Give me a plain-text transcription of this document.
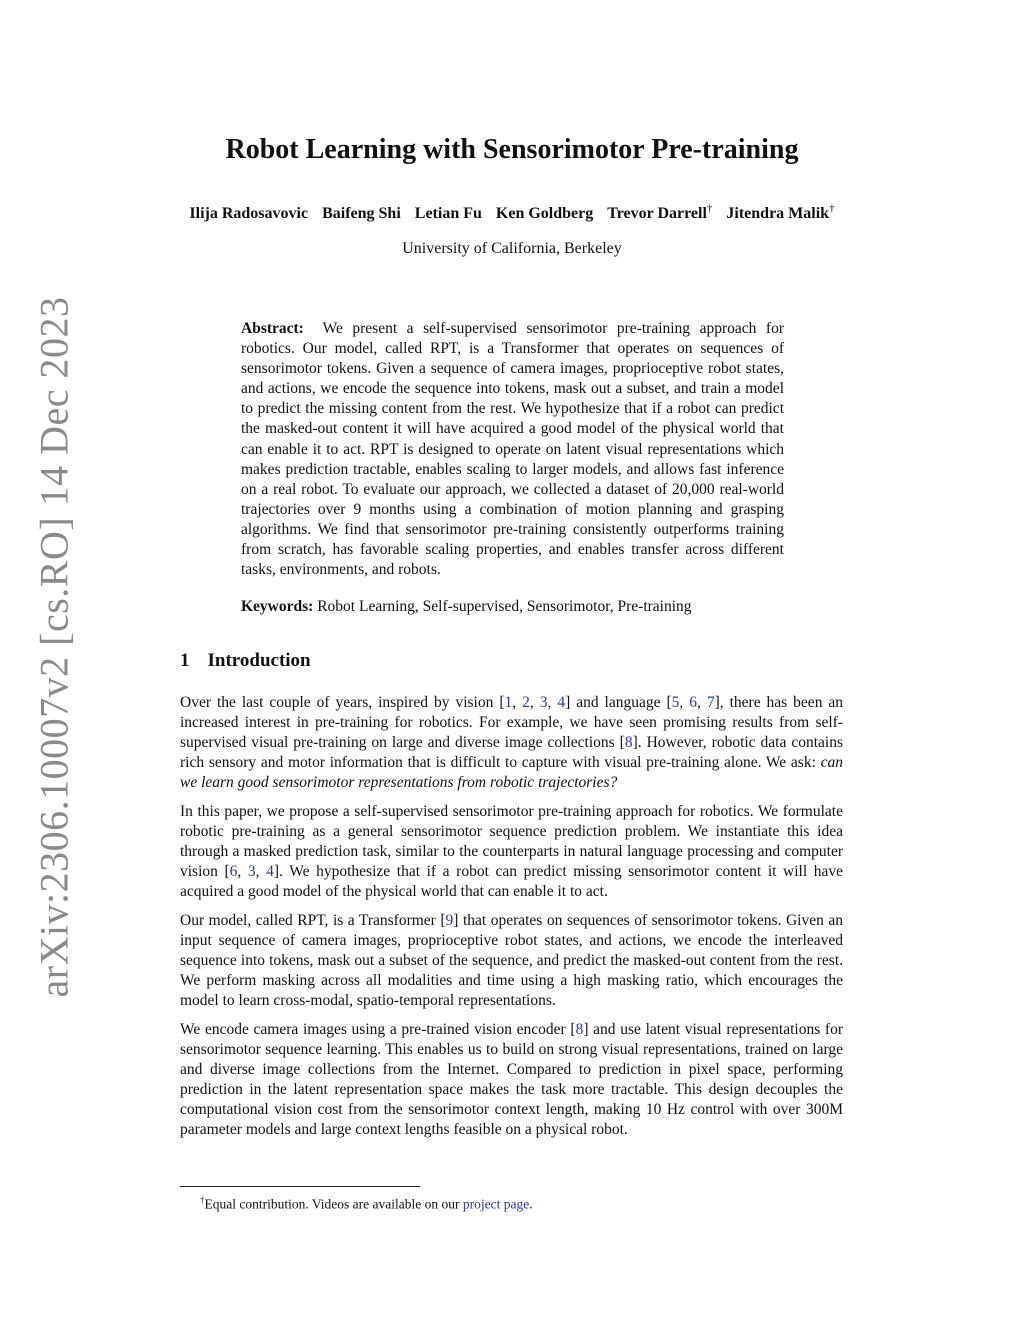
arXiv:2306.10007v2 [cs.RO] 14 Dec 2023
Robot Learning with Sensorimotor Pre-training
Ilija Radosavovic Baifeng Shi Letian Fu Ken Goldberg Trevor Darrell† Jitendra Malik†
University of California, Berkeley
Abstract: We present a self-supervised sensorimotor pre-training approach for robotics. Our model, called RPT, is a Transformer that operates on sequences of sensorimotor tokens. Given a sequence of camera images, proprioceptive robot states, and actions, we encode the sequence into tokens, mask out a subset, and train a model to predict the missing content from the rest. We hypothesize that if a robot can predict the masked-out content it will have acquired a good model of the physical world that can enable it to act. RPT is designed to operate on latent visual representations which makes prediction tractable, enables scaling to larger models, and allows fast inference on a real robot. To evaluate our approach, we collected a dataset of 20,000 real-world trajectories over 9 months using a combination of motion planning and grasping algorithms. We find that sensorimotor pre-training consistently outperforms training from scratch, has favorable scaling properties, and enables transfer across different tasks, environments, and robots.
Keywords: Robot Learning, Self-supervised, Sensorimotor, Pre-training
1 Introduction

Over the last couple of years, inspired by vision [1, 2, 3, 4] and language [5, 6, 7], there has been an increased interest in pre-training for robotics. For example, we have seen promising results from self-supervised visual pre-training on large and diverse image collections [8]. However, robotic data contains rich sensory and motor information that is difficult to capture with visual pre-training alone. We ask: can we learn good sensorimotor representations from robotic trajectories?

In this paper, we propose a self-supervised sensorimotor pre-training approach for robotics. We formulate robotic pre-training as a general sensorimotor sequence prediction problem. We instantiate this idea through a masked prediction task, similar to the counterparts in natural language processing and computer vision [6, 3, 4]. We hypothesize that if a robot can predict missing sensorimotor content it will have acquired a good model of the physical world that can enable it to act.

Our model, called RPT, is a Transformer [9] that operates on sequences of sensorimotor tokens. Given an input sequence of camera images, proprioceptive robot states, and actions, we encode the interleaved sequence into tokens, mask out a subset of the sequence, and predict the masked-out content from the rest. We perform masking across all modalities and time using a high masking ratio, which encourages the model to learn cross-modal, spatio-temporal representations.

We encode camera images using a pre-trained vision encoder [8] and use latent visual representations for sensorimotor sequence learning. This enables us to build on strong visual representations, trained on large and diverse image collections from the Internet. Compared to prediction in pixel space, performing prediction in the latent representation space makes the task more tractable. This design decouples the computational vision cost from the sensorimotor context length, making 10 Hz control with over 300M parameter models and large context lengths feasible on a physical robot.

†Equal contribution. Videos are available on our project page.
